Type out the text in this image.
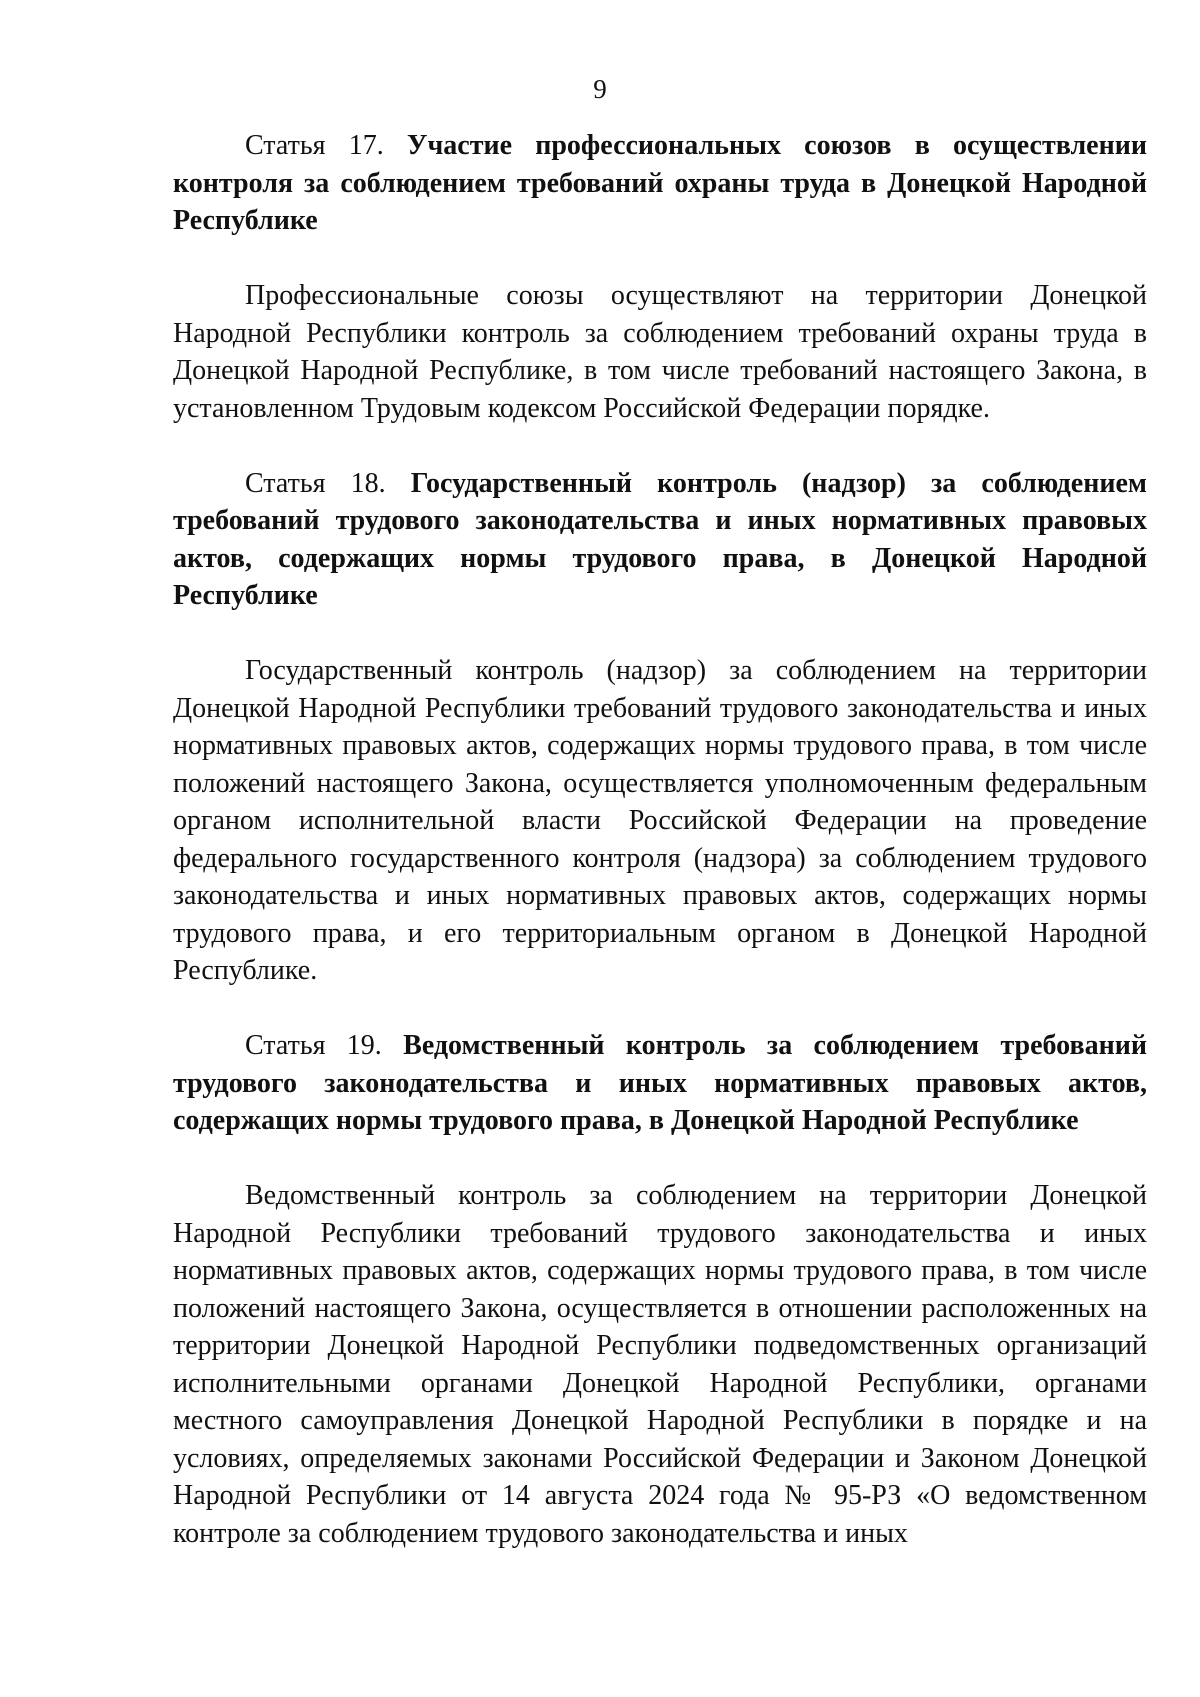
9

Статья 17. Участие профессиональных союзов в осуществлении контроля за соблюдением требований охраны труда в Донецкой Народной Республике

Профессиональные союзы осуществляют на территории Донецкой Народной Республики контроль за соблюдением требований охраны труда в Донецкой Народной Республике, в том числе требований настоящего Закона, в установленном Трудовым кодексом Российской Федерации порядке.

Статья 18. Государственный контроль (надзор) за соблюдением требований трудового законодательства и иных нормативных правовых актов, содержащих нормы трудового права, в Донецкой Народной Республике

Государственный контроль (надзор) за соблюдением на территории Донецкой Народной Республики требований трудового законодательства и иных нормативных правовых актов, содержащих нормы трудового права, в том числе положений настоящего Закона, осуществляется уполномоченным федеральным органом исполнительной власти Российской Федерации на проведение федерального государственного контроля (надзора) за соблюдением трудового законодательства и иных нормативных правовых актов, содержащих нормы трудового права, и его территориальным органом в Донецкой Народной Республике.

Статья 19. Ведомственный контроль за соблюдением требований трудового законодательства и иных нормативных правовых актов, содержащих нормы трудового права, в Донецкой Народной Республике

Ведомственный контроль за соблюдением на территории Донецкой Народной Республики требований трудового законодательства и иных нормативных правовых актов, содержащих нормы трудового права, в том числе положений настоящего Закона, осуществляется в отношении расположенных на территории Донецкой Народной Республики подведомственных организаций исполнительными органами Донецкой Народной Республики, органами местного самоуправления Донецкой Народной Республики в порядке и на условиях, определяемых законами Российской Федерации и Законом Донецкой Народной Республики от 14 августа 2024 года № 95-РЗ «О ведомственном контроле за соблюдением трудового законодательства и иных
